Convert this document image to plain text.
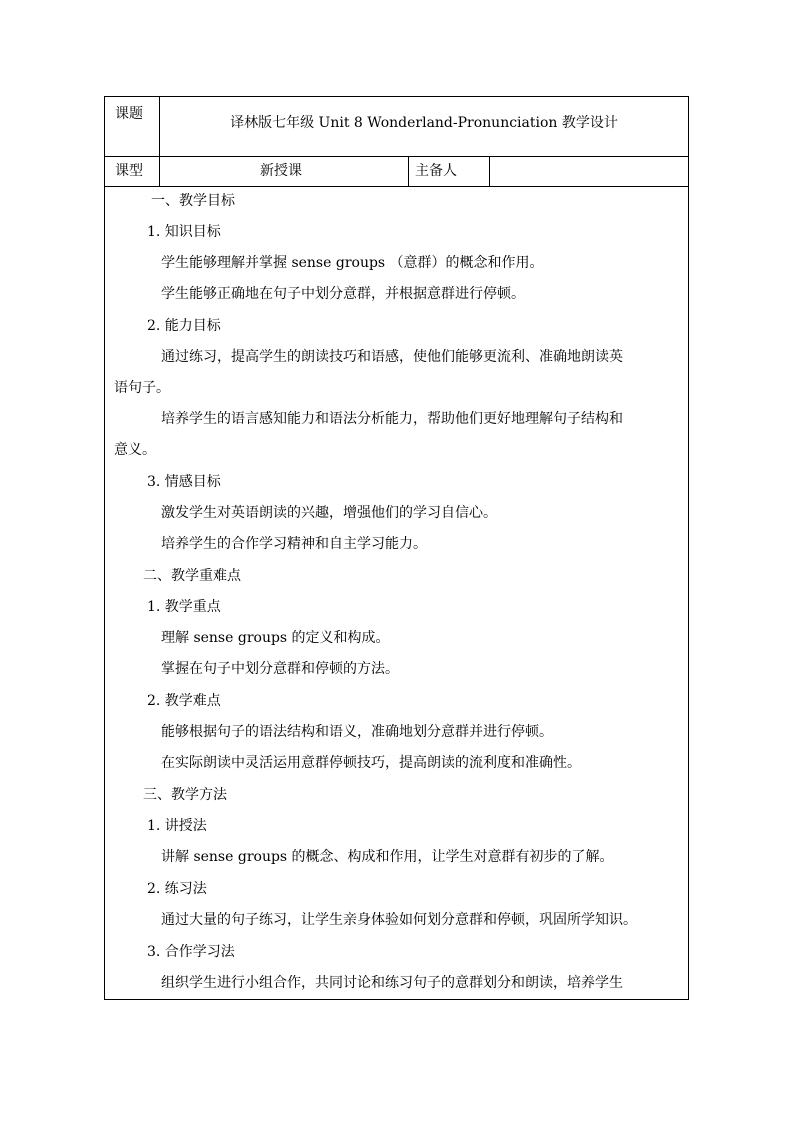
课题
译林版七年级 Unit 8 Wonderland-Pronunciation 教学设计
课型	新授课	主备人
一、教学目标
1. 知识目标
学生能够理解并掌握 sense groups （意群）的概念和作用。
学生能够正确地在句子中划分意群，并根据意群进行停顿。
2. 能力目标
通过练习，提高学生的朗读技巧和语感，使他们能够更流利、准确地朗读英
语句子。
培养学生的语言感知能力和语法分析能力，帮助他们更好地理解句子结构和
意义。
3. 情感目标
激发学生对英语朗读的兴趣，增强他们的学习自信心。
培养学生的合作学习精神和自主学习能力。
二、教学重难点
1. 教学重点
理解 sense groups 的定义和构成。
掌握在句子中划分意群和停顿的方法。
2. 教学难点
能够根据句子的语法结构和语义，准确地划分意群并进行停顿。
在实际朗读中灵活运用意群停顿技巧，提高朗读的流利度和准确性。
三、教学方法
1. 讲授法
讲解 sense groups 的概念、构成和作用，让学生对意群有初步的了解。
2. 练习法
通过大量的句子练习，让学生亲身体验如何划分意群和停顿，巩固所学知识。
3. 合作学习法
组织学生进行小组合作，共同讨论和练习句子的意群划分和朗读，培养学生
